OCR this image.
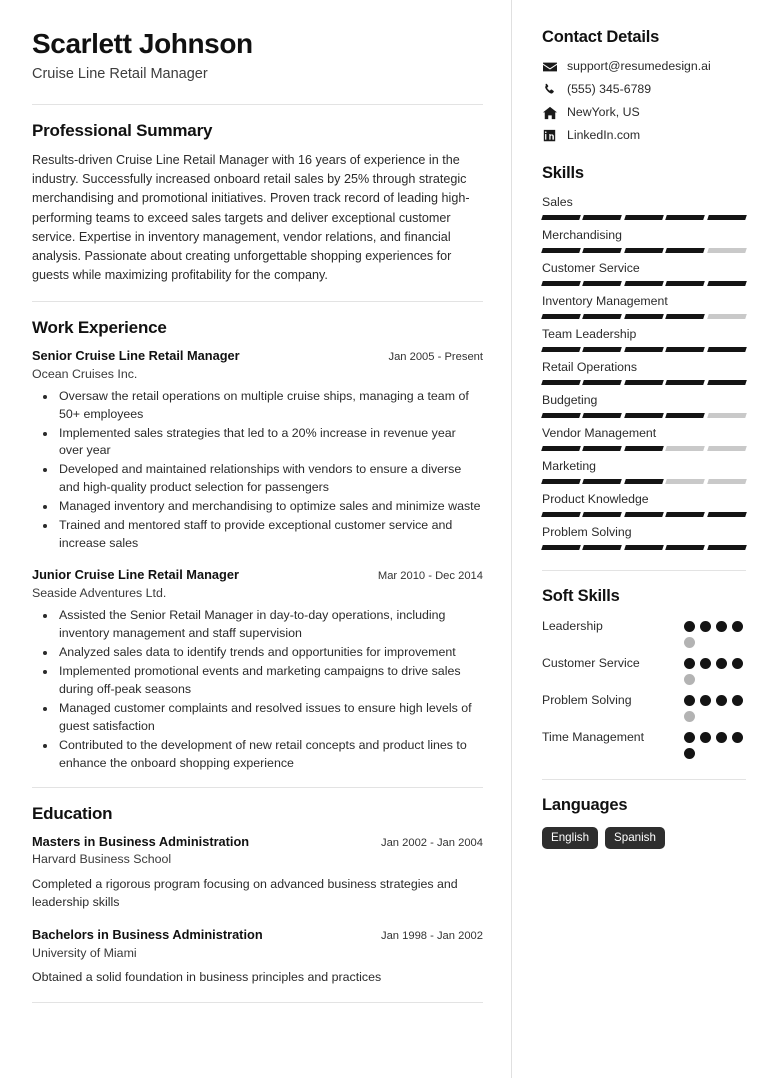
Scarlett Johnson
Cruise Line Retail Manager
Professional Summary

Results-driven Cruise Line Retail Manager with 16 years of experience in the industry. Successfully increased onboard retail sales by 25% through strategic merchandising and promotional initiatives. Proven track record of leading high-performing teams to exceed sales targets and deliver exceptional customer service. Expertise in inventory management, vendor relations, and financial analysis. Passionate about creating unforgettable shopping experiences for guests while maximizing profitability for the company.

Work Experience
Senior Cruise Line Retail Manager	Jan 2005 - Present
Ocean Cruises Inc.
• Oversaw the retail operations on multiple cruise ships, managing a team of 50+ employees
• Implemented sales strategies that led to a 20% increase in revenue year over year
• Developed and maintained relationships with vendors to ensure a diverse and high-quality product selection for passengers
• Managed inventory and merchandising to optimize sales and minimize waste
• Trained and mentored staff to provide exceptional customer service and increase sales
Junior Cruise Line Retail Manager	Mar 2010 - Dec 2014
Seaside Adventures Ltd.
• Assisted the Senior Retail Manager in day-to-day operations, including inventory management and staff supervision
• Analyzed sales data to identify trends and opportunities for improvement
• Implemented promotional events and marketing campaigns to drive sales during off-peak seasons
• Managed customer complaints and resolved issues to ensure high levels of guest satisfaction
• Contributed to the development of new retail concepts and product lines to enhance the onboard shopping experience
Education
Masters in Business Administration	Jan 2002 - Jan 2004
Harvard Business School

Completed a rigorous program focusing on advanced business strategies and leadership skills

Bachelors in Business Administration	Jan 1998 - Jan 2002
University of Miami

Obtained a solid foundation in business principles and practices

Contact Details
support@resumedesign.ai
(555) 345-6789
NewYork, US
LinkedIn.com
Skills
Sales
Merchandising
Customer Service
Inventory Management
Team Leadership
Retail Operations
Budgeting
Vendor Management
Marketing
Product Knowledge
Problem Solving
Soft Skills
Leadership
Customer Service
Problem Solving
Time Management
Languages
English	Spanish
